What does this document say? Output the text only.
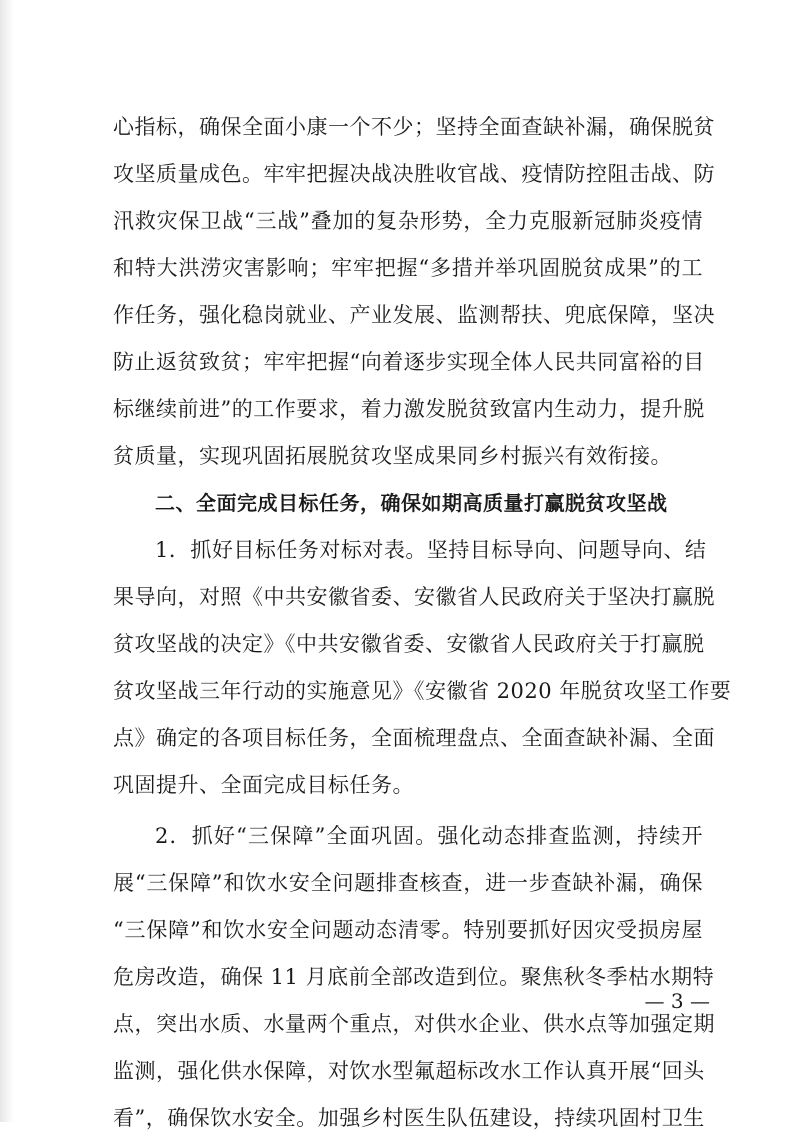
心指标，确保全面小康一个不少；坚持全面查缺补漏，确保脱贫
攻坚质量成色。牢牢把握决战决胜收官战、疫情防控阻击战、防
汛救灾保卫战“三战”叠加的复杂形势，全力克服新冠肺炎疫情
和特大洪涝灾害影响；牢牢把握“多措并举巩固脱贫成果”的工
作任务，强化稳岗就业、产业发展、监测帮扶、兜底保障，坚决
防止返贫致贫；牢牢把握“向着逐步实现全体人民共同富裕的目
标继续前进”的工作要求，着力激发脱贫致富内生动力，提升脱
贫质量，实现巩固拓展脱贫攻坚成果同乡村振兴有效衔接。
二、全面完成目标任务，确保如期高质量打赢脱贫攻坚战
1．抓好目标任务对标对表。坚持目标导向、问题导向、结
果导向，对照《中共安徽省委、安徽省人民政府关于坚决打赢脱
贫攻坚战的决定》《中共安徽省委、安徽省人民政府关于打赢脱
贫攻坚战三年行动的实施意见》《安徽省 2020 年脱贫攻坚工作要
点》确定的各项目标任务，全面梳理盘点、全面查缺补漏、全面
巩固提升、全面完成目标任务。
2．抓好“三保障”全面巩固。强化动态排查监测，持续开
展“三保障”和饮水安全问题排查核查，进一步查缺补漏，确保
“三保障”和饮水安全问题动态清零。特别要抓好因灾受损房屋
危房改造，确保 11 月底前全部改造到位。聚焦秋冬季枯水期特
点，突出水质、水量两个重点，对供水企业、供水点等加强定期
监测，强化供水保障，对饮水型氟超标改水工作认真开展“回头
看”，确保饮水安全。加强乡村医生队伍建设，持续巩固村卫生
— 3 —
